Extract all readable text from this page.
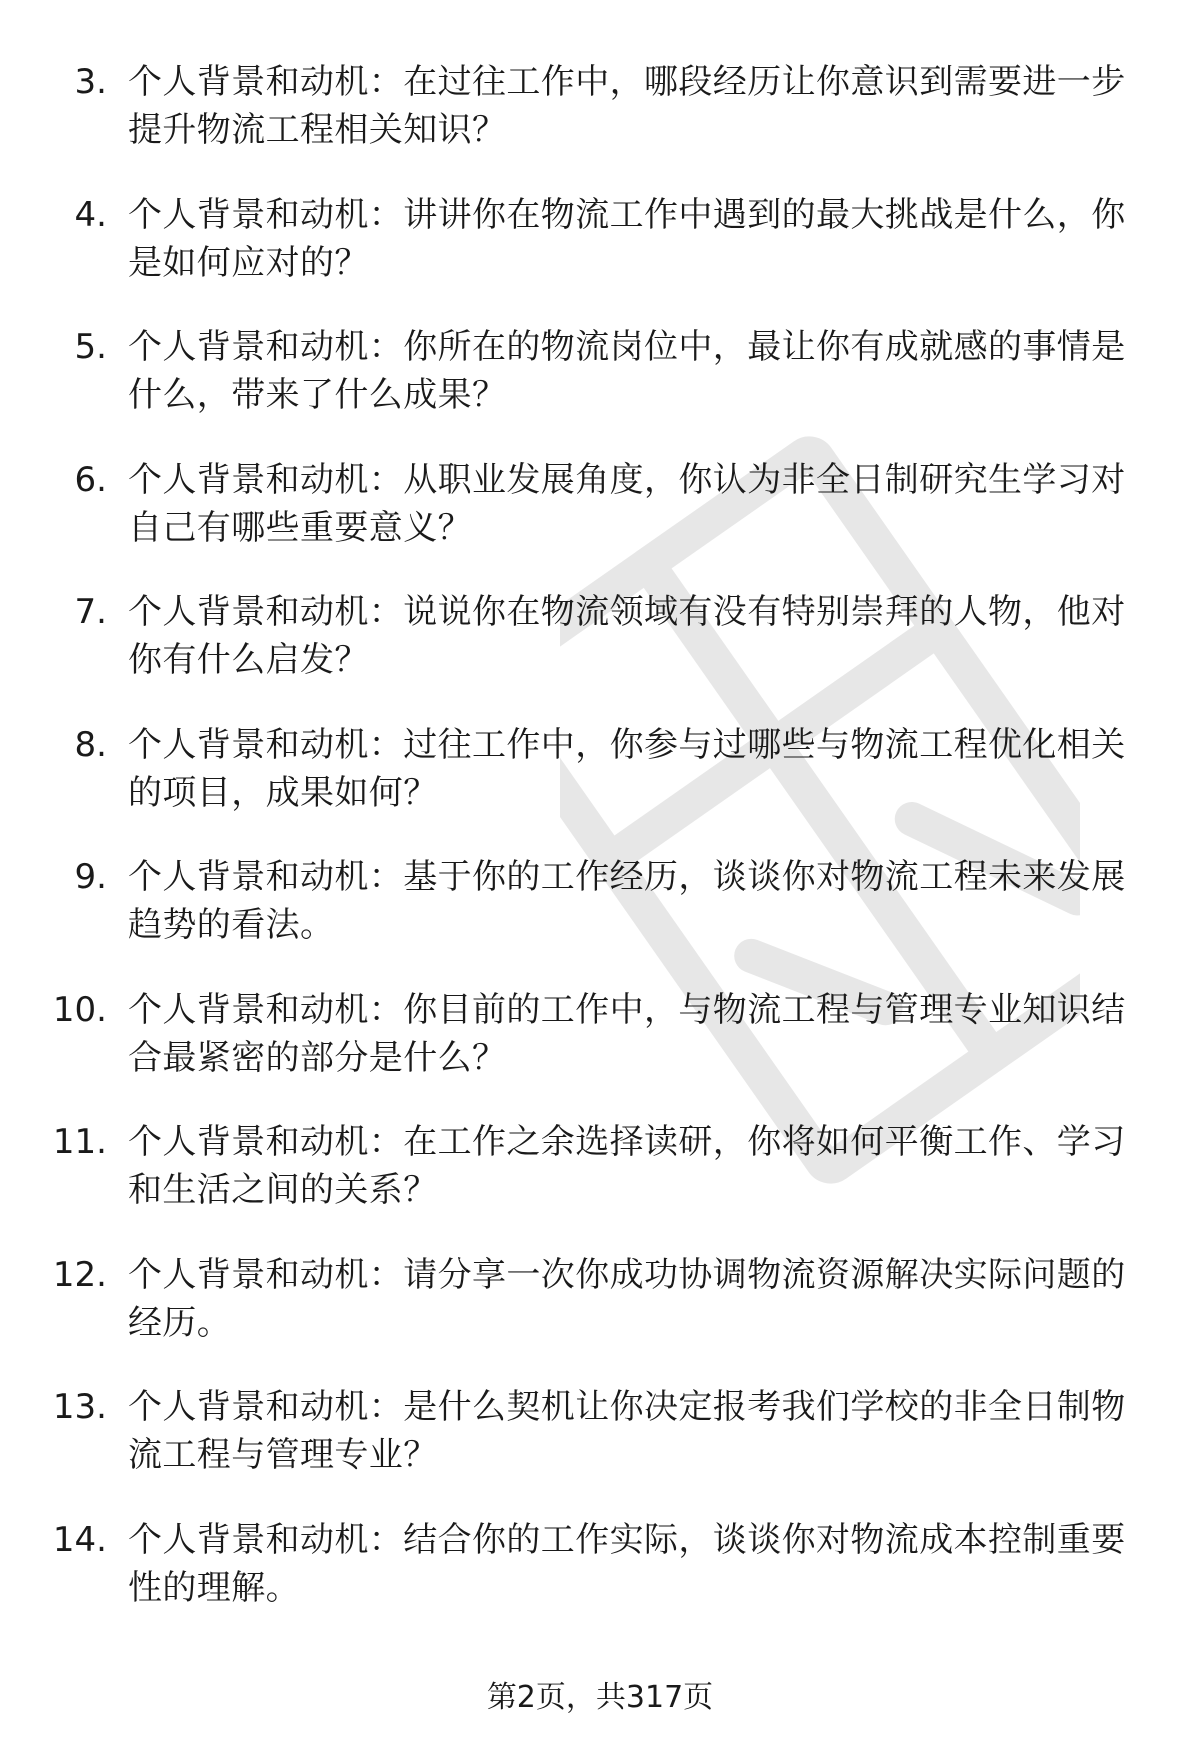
3. 个人背景和动机：在过往工作中，哪段经历让你意识到需要进一步提升物流工程相关知识？
4. 个人背景和动机：讲讲你在物流工作中遇到的最大挑战是什么，你是如何应对的？
5. 个人背景和动机：你所在的物流岗位中，最让你有成就感的事情是什么，带来了什么成果？
6. 个人背景和动机：从职业发展角度，你认为非全日制研究生学习对自己有哪些重要意义？
7. 个人背景和动机：说说你在物流领域有没有特别崇拜的人物，他对你有什么启发？
8. 个人背景和动机：过往工作中，你参与过哪些与物流工程优化相关的项目，成果如何？
9. 个人背景和动机：基于你的工作经历，谈谈你对物流工程未来发展趋势的看法。
10. 个人背景和动机：你目前的工作中，与物流工程与管理专业知识结合最紧密的部分是什么？
11. 个人背景和动机：在工作之余选择读研，你将如何平衡工作、学习和生活之间的关系？
12. 个人背景和动机：请分享一次你成功协调物流资源解决实际问题的经历。
13. 个人背景和动机：是什么契机让你决定报考我们学校的非全日制物流工程与管理专业？
14. 个人背景和动机：结合你的工作实际，谈谈你对物流成本控制重要性的理解。
第2页，共317页
